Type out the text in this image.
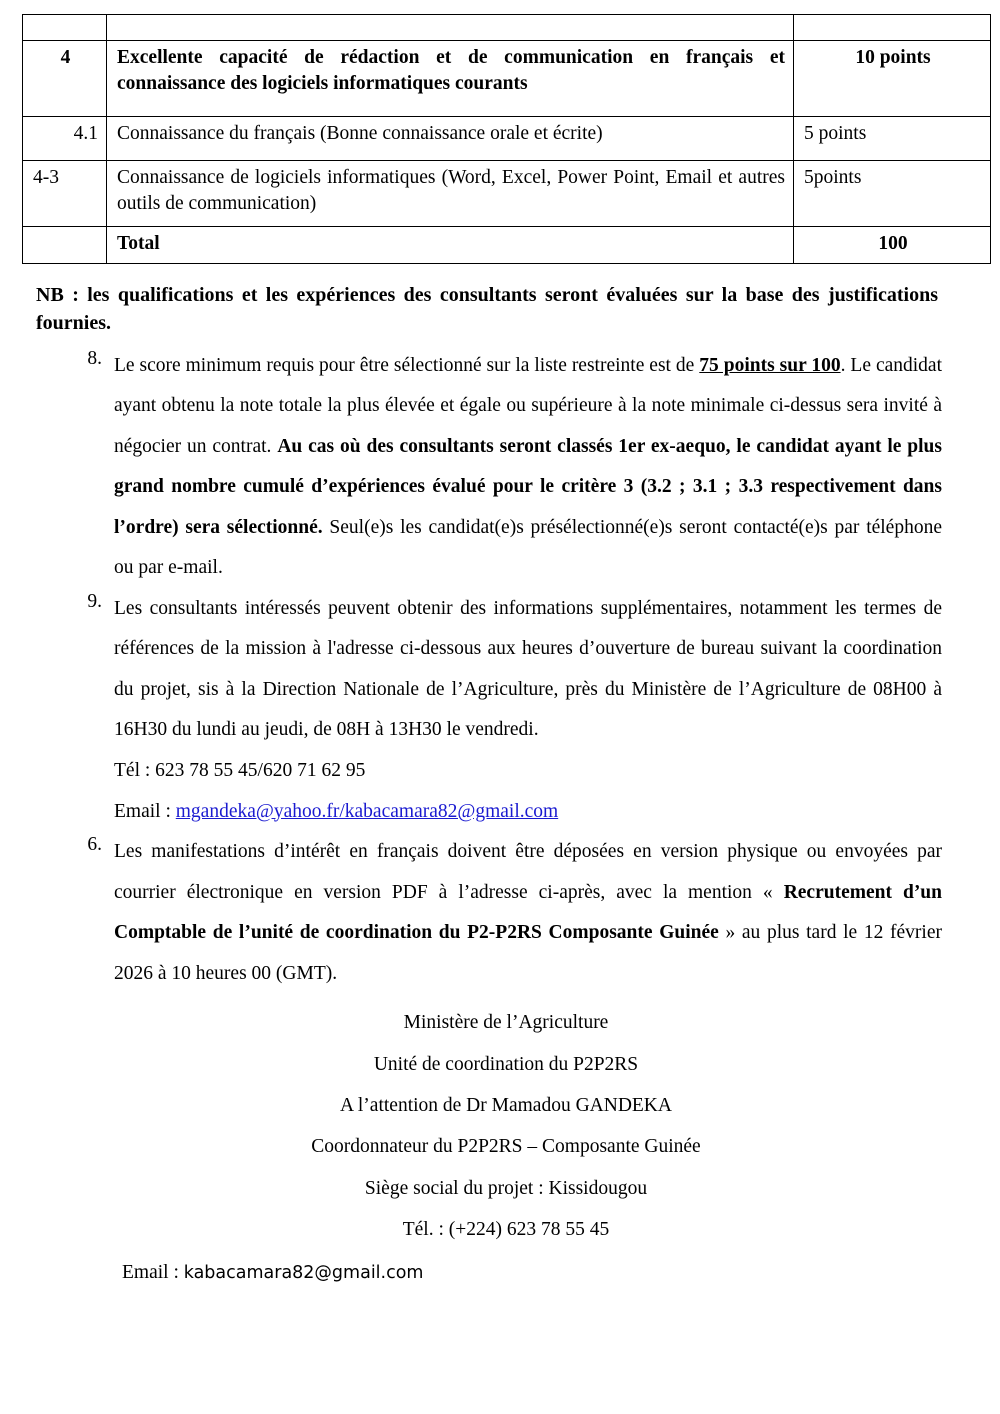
4	Excellente capacité de rédaction et de communication en français et connaissance des logiciels informatiques courants	10 points
4.1	Connaissance du français (Bonne connaissance orale et écrite)	5 points
4-3	Connaissance de logiciels informatiques (Word, Excel, Power Point, Email et autres outils de communication)	5points
	Total	100

NB : les qualifications et les expériences des consultants seront évaluées sur la base des justifications fournies.

8. Le score minimum requis pour être sélectionné sur la liste restreinte est de 75 points sur 100. Le candidat ayant obtenu la note totale la plus élevée et égale ou supérieure à la note minimale ci-dessus sera invité à négocier un contrat. Au cas où des consultants seront classés 1er ex-aequo, le candidat ayant le plus grand nombre cumulé d’expériences évalué pour le critère 3 (3.2 ; 3.1 ; 3.3 respectivement dans l’ordre) sera sélectionné. Seul(e)s les candidat(e)s présélectionné(e)s seront contacté(e)s par téléphone ou par e-mail.

9. Les consultants intéressés peuvent obtenir des informations supplémentaires, notamment les termes de références de la mission à l'adresse ci-dessous aux heures d’ouverture de bureau suivant la coordination du projet, sis à la Direction Nationale de l’Agriculture, près du Ministère de l’Agriculture de 08H00 à 16H30 du lundi au jeudi, de 08H à 13H30 le vendredi.

Tél : 623 78 55 45/620 71 62 95
Email : mgandeka@yahoo.fr/kabacamara82@gmail.com
6. Les manifestations d’intérêt en français doivent être déposées en version physique ou envoyées par courrier électronique en version PDF à l’adresse ci-après, avec la mention « Recrutement d’un Comptable de l’unité de coordination du P2-P2RS Composante Guinée » au plus tard le 12 février 2026 à 10 heures 00 (GMT).

Ministère de l’Agriculture
Unité de coordination du P2P2RS
A l’attention de Dr Mamadou GANDEKA
Coordonnateur du P2P2RS – Composante Guinée
Siège social du projet : Kissidougou
Tél. : (+224) 623 78 55 45
Email : kabacamara82@gmail.com
